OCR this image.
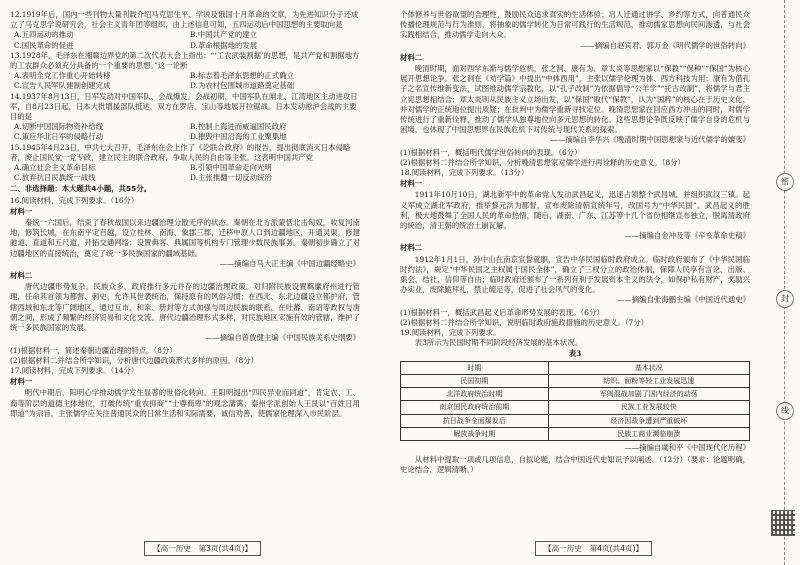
12.1919年后，国内一些刊物大量刊载介绍马克思生平、学说及俄国十月革命的文章，为先进知识分子还成立了马克思学说研究会，社会主义青年团等组织，由上述信息可知，五四运动后中国思想的主要取向是

A.五四运动的推动	B.中国共产党的建立
C.国民革命的促进	D.革命根据地的发展

13.1928年，毛泽东在湘赣边界党的第二次代表大会上指出：“‘工农武装割据’的思想，是共产党和割据地方的工农群众必须充分具备的一个重要的思想。”这一论断

A.表明全党工作重心开始转移	B.标志着毛泽东思想的正式确立
C.宣告人民军队建制创建完成	D.为农村包围城市道路奠定基础

14.1937年8月13日，日军发动对中国军队、会战爆发。会战初期，中国军队在闸北、江湾地区主动进攻日军，自8月23日起，日本大批增援部队抵达，双方在罗店、宝山等地展开拉锯战。日本发动淞沪会战的主要目的是

A.切断中国国际物资补给线	B.控制上海进而威逼国民政府
C.策应华北日军的侵略行动	D.摧毁中国沿海的工业聚集地

15.1945年4月23日，中共七大召开，毛泽东在会上作了《论联合政府》的报告，提出彻底消灭日本侵略者，废止国民党一党专政，建立民主的联合政府，争取人民的自由等主张。这表明中国共产党

A.确立社会主义革命目标	B.引领中国革命走向光明
C.放弃抗日民族统一战线	D.主张推翻一切反动统治

二、非选择题：本大题共4小题，共55分。

16.阅读材料，完成下列要求。（16分）

材料一

秦统一六国后，结束了春秋战国以来边疆治理分散无序的状态。秦朝在北方派蒙恬北击匈奴，收复河南地，修筑长城，在东南平定百越，设立桂林、南海、象郡三郡，迁移中原人口到边疆地区，开通灵渠，修建驰道、直道和五尺道，开拓交通网络；设置典客、典属国等机构专门管理少数民族事务。秦朝初步确立了对边疆地区的直接统治，奠定了统一多民族国家的疆域基础。

——摘编自马大正主编《中国边疆经略史》

材料二

唐代边疆形势复杂，民族众多，政府推行多元并存的边疆治理政策。对归附民族设置羁縻府州进行管理，任命其首领为都督、刺史，允许其世袭统治，保持原有的风俗习惯；在西北、东北边疆设立都护府，管辖西域和东北等广阔地区，通过互市、和亲、册封等方式加强与周边民族的联系，在吐蕃、南诏等政权与唐朝之间，形成了频繁的经济贸易和文化交流。唐代边疆治理形式多样，对民族地区实施有效的管辖，维护了统一多民族国家的发展。

——摘编自曾放健主编《中国民族关系史纲要》

(1)根据材料一，简述秦朝边疆治理的特点。（8分）

(2)根据材料二并结合所学知识，分析唐代边疆政策形式多样的原因。（8分）

17.阅读材料，完成下列要求。（14分）

材料一

明代中期后，阳明心学推动儒学发生显著的世俗化转向。王阳明提出“四民异业而同道”，肯定农、工、商等阶层的道德主体地位，打破传统“重农抑商”“士尊商卑”的观念藩篱；泰州学派创始人王艮以“百姓日用即道”为宗旨，主张儒学应关注普通民众的日常生活和实际需要，诚信劝善，使儒家伦理深入市民阶层。

个体修养与世俗欲望的合理性，鼓励民众追求真实的生活体验；启人迁通过讲学、乡约等方式，向普通民众传播伦理规范与行为准则，将抽象的儒学转化为日常可践行的生活规范，推动儒家思想向民间渗透，与社会实践相结合，推动儒学走向大众。

——摘编自赵宾君、郭万金《明代儒学的世俗转向》

材料二

晚清时期，面对西学东渐与儒学危机，张之洞、康有为、章太炎等思想家以“保教”“保种”“保国”为核心展开思想论争。张之洞在《劝学篇》中提出“中体西用”，主张以儒学伦理为体、西方科技为用；康有为借孔子之名宣传维新变法，试图推动儒学宗教化，以“孔子改制”为依据倡导“公羊学”“托古改制”，将儒学与君主立宪思想相结合；章太炎则从民族主义立场出发，以“保国”取代“保教”，认为“国粹”的核心在于历史文化，并对儒学的正统地位提出质疑；在批判中为儒学重新寻找定位。晚清思想家在回应西方冲击的同时，对儒学传统进行了重新诠释，推动了儒学从独尊地位向多元思想的转化。这些思想论争既反映了儒学自身的危机与困境，也体现了中国思想界在民族危机下对传统与现代关系的探索。

——摘编自李华兴《晚清时期中国思想家与近代儒学的嬗变》

(1)根据材料一，概括明代儒学世俗转向的表现。（6分）

(2)根据材料二并结合所学知识，分析晚清思想家对儒学进行再诠释的历史意义。（8分）

18.阅读材料，完成下列要求。（13分）

材料一

1911年10月10日，湖北新军中的革命党人发动武昌起义，迅速占领整个武昌城，并组织武汉三镇。起义军成立湖北军政府，推举黎元洪为都督，宣布废除清朝宣统年号，改国号为“中华民国”。武昌起义的胜利，极大地鼓舞了全国人民的革命热情，随后，湖南、广东、江苏等十几个省份相继宣布独立，脱离清政府的统治，清王朝的统治土崩瓦解。

——摘编自金冲及等《辛亥革命史稿》

材料二

1912年1月1日，孙中山在南京宣誓就职，宣告中华民国临时政府成立。临时政府颁布了《中华民国临时约法》，规定“中华民国之主权属于国民全体”，确立了三权分立的政治体制，保障人民享有言论、出版、集会、结社、信仰等自由；临时政府还颁布了一系列有利于发展资本主义的法令，如保护私有财产，奖励兴办实业，废除跪拜礼，禁止缠足等，促进了社会风气的变化。

——摘编自张海鹏主编《中国近代通史》

(1)根据材料一，概括武昌起义后革命形势发展的表现。（6分）

(2)根据材料二并结合所学知识，说明临时政府施政措施的历史意义。（7分）

19.阅读材料，完成下列要求。

表3所示为民国时期不同阶段经济发展的基本状况。

表3

时期	基本状况
民国初期	纺织、面粉等轻工业发展迅速
北洋政府统治时期	军阀混战加剧了国内经济的动荡
南京国民政府统治前期	民族工业发展较快
抗日战争全面爆发后	经济因战争遭到严重破坏
解放战争时期	民族工商业濒临崩溃

——摘编自虞和平《中国现代化历程》

从材料中提取一项或几项信息，自拟论题，结合中国近代史知识予以阐述。（12分）（要求：论题明确，史论结合，逻辑清晰。）

【高一历史　第3页(共4页)】	【高一历史　第4页(共4页)】
密
封
线
